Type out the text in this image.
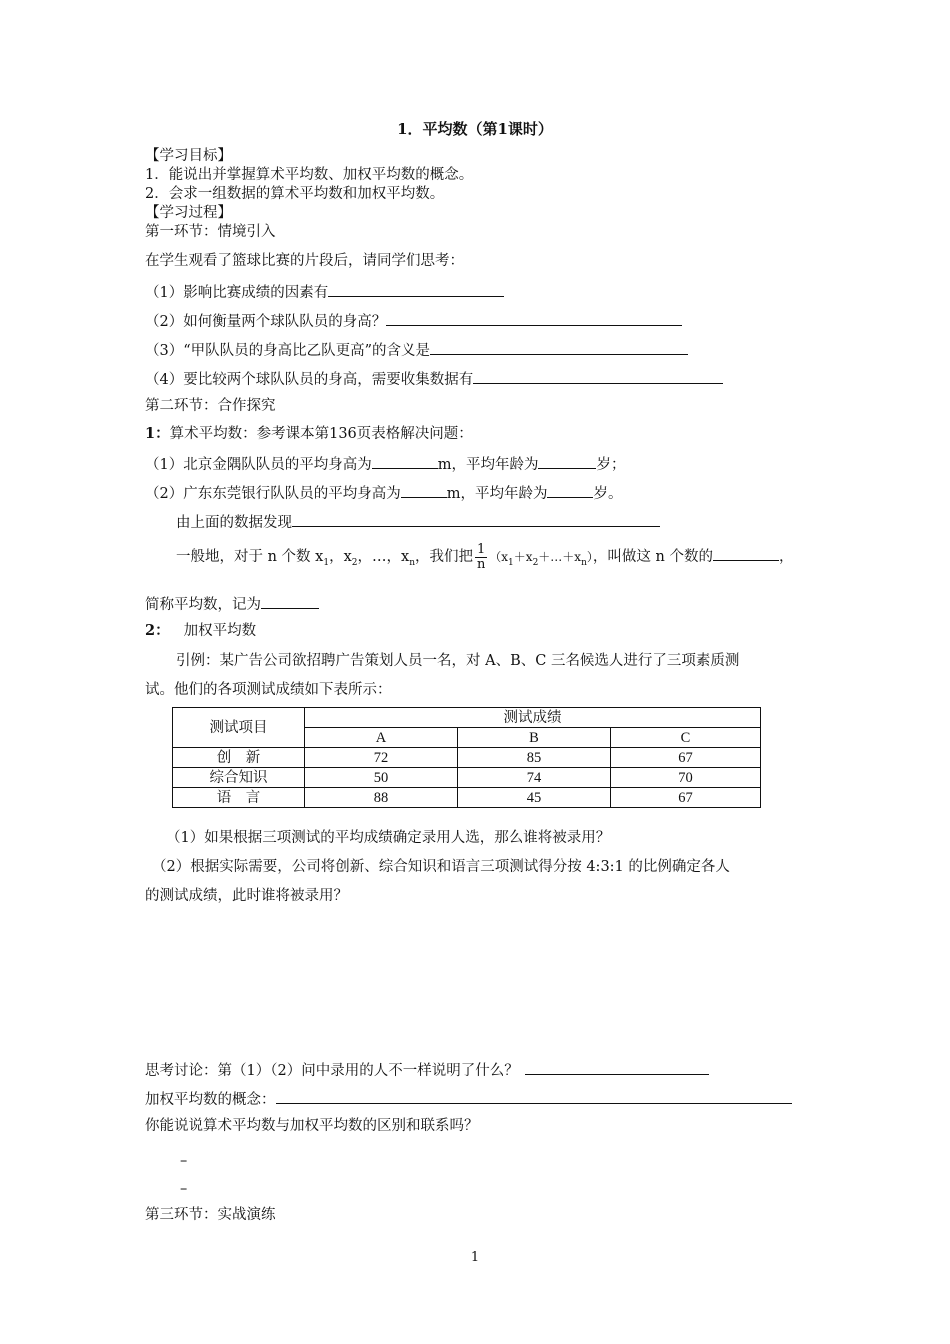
1．平均数（第1课时）
【学习目标】
1．能说出并掌握算术平均数、加权平均数的概念。
2．会求一组数据的算术平均数和加权平均数。
【学习过程】
第一环节：情境引入
在学生观看了篮球比赛的片段后，请同学们思考：
（1）影响比赛成绩的因素有
（2）如何衡量两个球队队员的身高？
（3）“甲队队员的身高比乙队更高”的含义是
（4）要比较两个球队队员的身高，需要收集数据有
第二环节：合作探究
1：算术平均数：参考课本第136页表格解决问题：
（1）北京金隅队队员的平均身高为	m，平均年龄为	岁；
（2）广东东莞银行队队员的平均身高为	m，平均年龄为	岁。
由上面的数据发现
一般地，对于 n 个数 $x_1$，$x_2$，…，$x_n$，我们把 $\frac{1}{n}$ $(x_1+x_2+\dots+x_n)$，叫做这 n 个数的	，
简称平均数，记为
2： 加权平均数
引例：某广告公司欲招聘广告策划人员一名，对 A、B、C 三名候选人进行了三项素质测
试。他们的各项测试成绩如下表所示：
测试项目	测试成绩		
	A	B	C
创    新	72	85	67
综合知识	50	74	70
语    言	88	45	67
（1）如果根据三项测试的平均成绩确定录用人选，那么谁将被录用？
（2）根据实际需要，公司将创新、综合知识和语言三项测试得分按 4:3:1 的比例确定各人
的测试成绩，此时谁将被录用？
思考讨论：第（1）（2）问中录用的人不一样说明了什么？
加权平均数的概念：
你能说说算术平均数与加权平均数的区别和联系吗？
–
–
第三环节：实战演练
1
